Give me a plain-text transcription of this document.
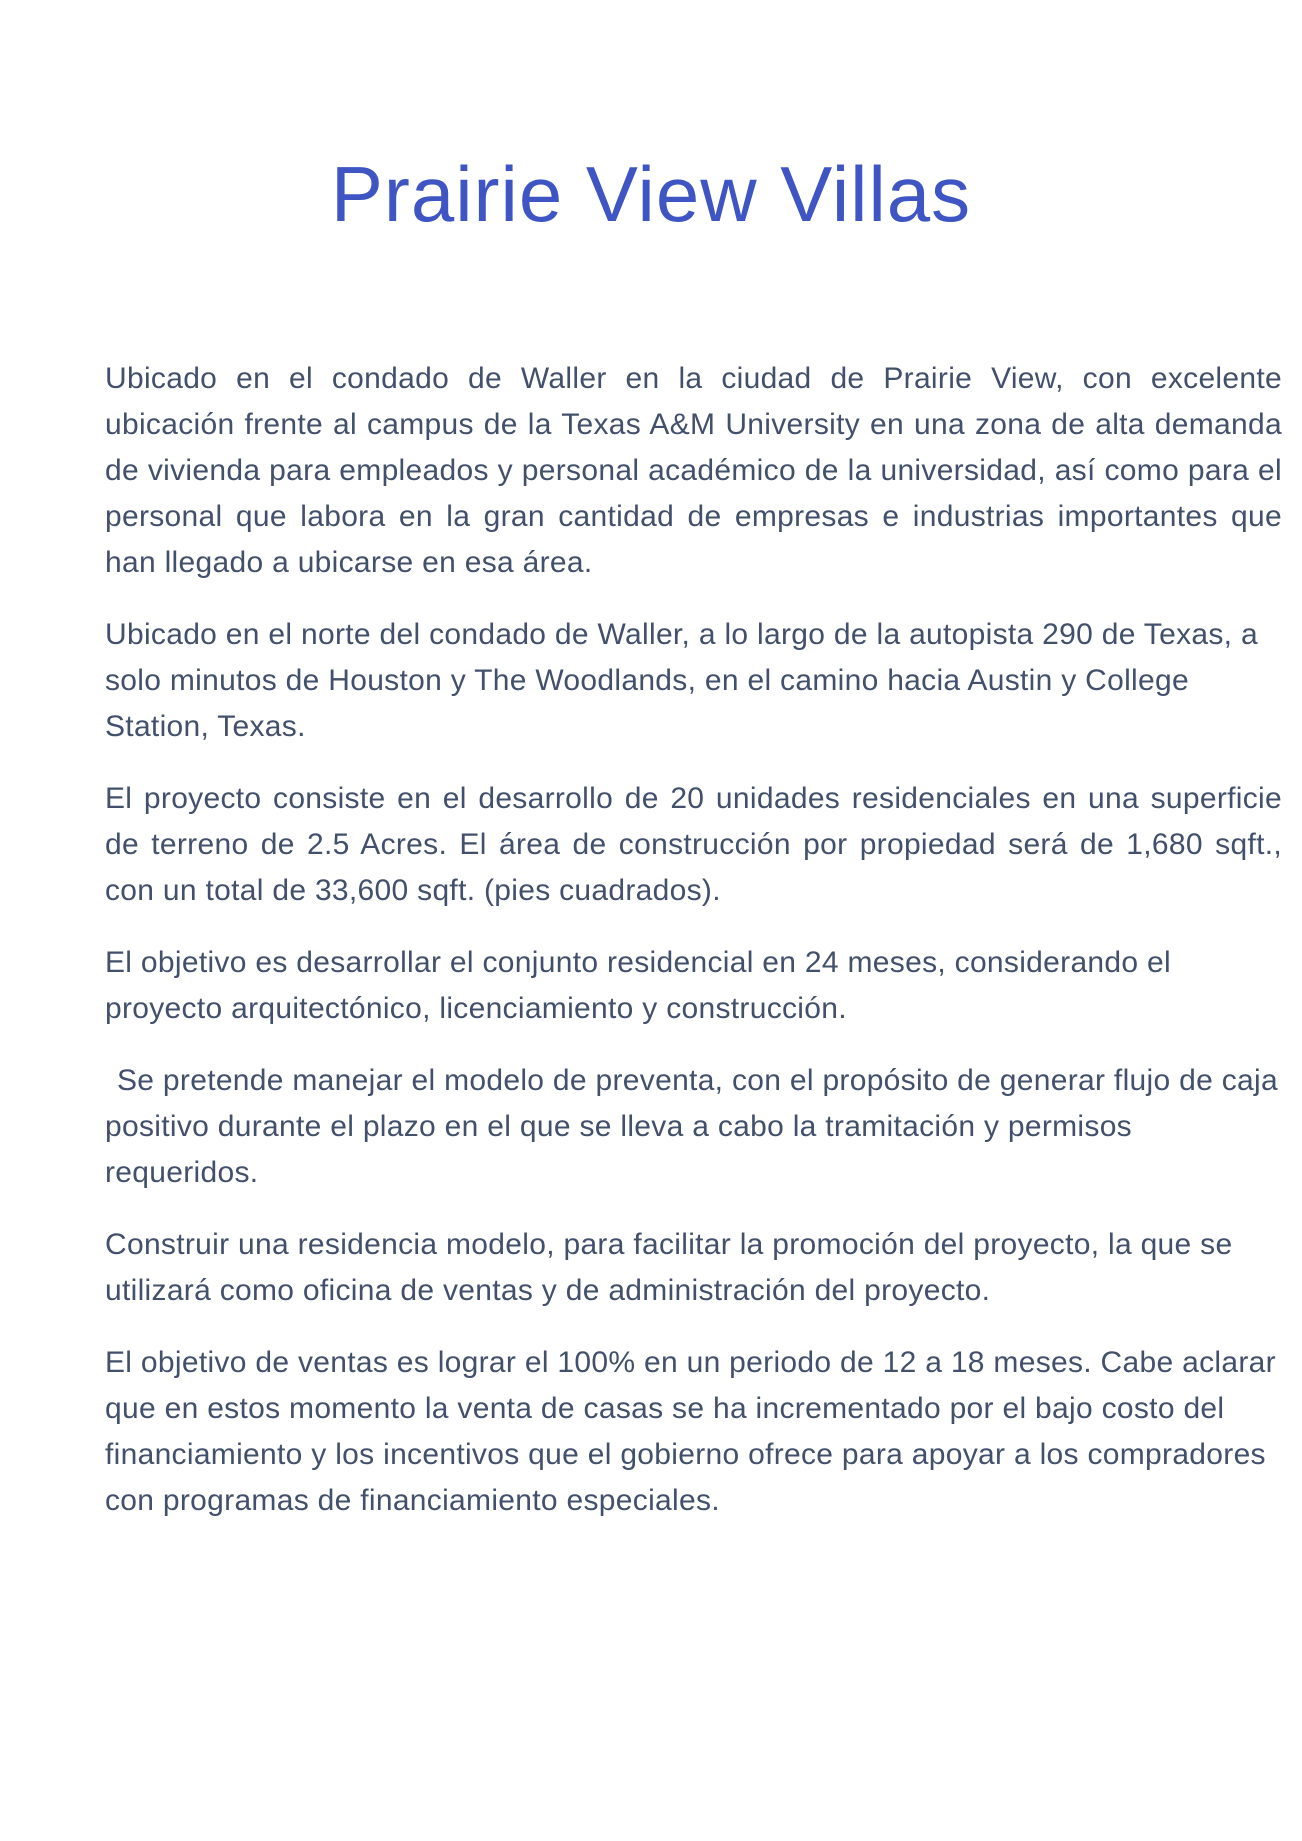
Prairie View Villas

Ubicado en el condado de Waller en la ciudad de Prairie View, con excelente ubicación frente al campus de la Texas A&M University en una zona de alta demanda de vivienda para empleados y personal académico de la universidad, así como para el personal que labora en la gran cantidad de empresas e industrias importantes que han llegado a ubicarse en esa área.

Ubicado en el norte del condado de Waller, a lo largo de la autopista 290 de Texas, a solo minutos de Houston y The Woodlands, en el camino hacia Austin y College Station, Texas.

El proyecto consiste en el desarrollo de 20 unidades residenciales en una superficie de terreno de 2.5 Acres. El área de construcción por propiedad será de 1,680 sqft., con un total de 33,600 sqft. (pies cuadrados).

El objetivo es desarrollar el conjunto residencial en 24 meses, considerando el proyecto arquitectónico, licenciamiento y construcción.

Se pretende manejar el modelo de preventa, con el propósito de generar flujo de caja positivo durante el plazo en el que se lleva a cabo la tramitación y permisos requeridos.

Construir una residencia modelo, para facilitar la promoción del proyecto, la que se utilizará como oficina de ventas y de administración del proyecto.

El objetivo de ventas es lograr el 100% en un periodo de 12 a 18 meses. Cabe aclarar que en estos momento la venta de casas se ha incrementado por el bajo costo del financiamiento y los incentivos que el gobierno ofrece para apoyar a los compradores con programas de financiamiento especiales.
